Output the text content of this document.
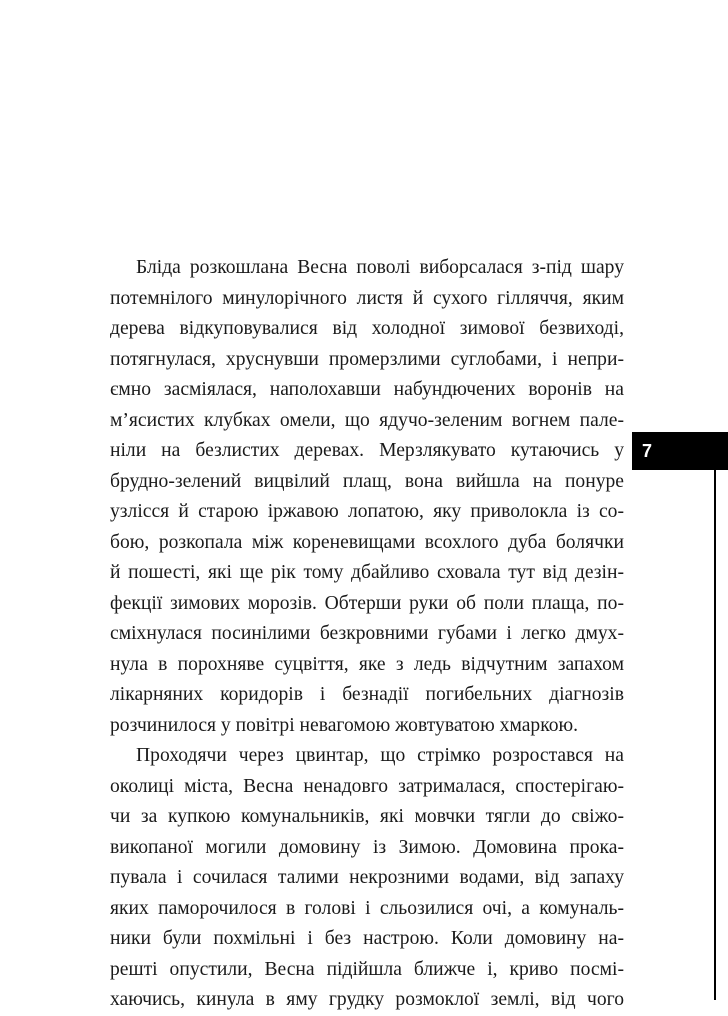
Бліда розкошлана Весна поволі виборсалася з-під шару
потемнілого минулорічного листя й сухого гілляччя, яким
дерева відкуповувалися від холодної зимової безвиході,
потягнулася, хруснувши промерзлими суглобами, і непри-
ємно засміялася, наполохавши набундючених воронів на
м’ясистих клубках омели, що ядучо-зеленим вогнем пале-
ніли на безлистих деревах. Мерзлякувато кутаючись у
брудно-зелений вицвілий плащ, вона вийшла на понуре
узлісся й старою іржавою лопатою, яку приволокла із со-
бою, розкопала між кореневищами всохлого дуба болячки
й пошесті, які ще рік тому дбайливо сховала тут від дезін-
фекції зимових морозів. Обтерши руки об поли плаща, по-
сміхнулася посинілими безкровними губами і легко дмух-
нула в порохняве суцвіття, яке з ледь відчутним запахом
лікарняних коридорів і безнадії погибельних діагнозів
розчинилося у повітрі невагомою жовтуватою хмаркою.
Проходячи через цвинтар, що стрімко розростався на
околиці міста, Весна ненадовго затрималася, спостерігаю-
чи за купкою комунальників, які мовчки тягли до свіжо-
викопаної могили домовину із Зимою. Домовина прока-
пувала і сочилася талими некрозними водами, від запаху
яких паморочилося в голові і сльозилися очі, а комуналь-
ники були похмільні і без настрою. Коли домовину на-
решті опустили, Весна підійшла ближче і, криво посмі-
хаючись, кинула в яму грудку розмоклої землі, від чого
7
